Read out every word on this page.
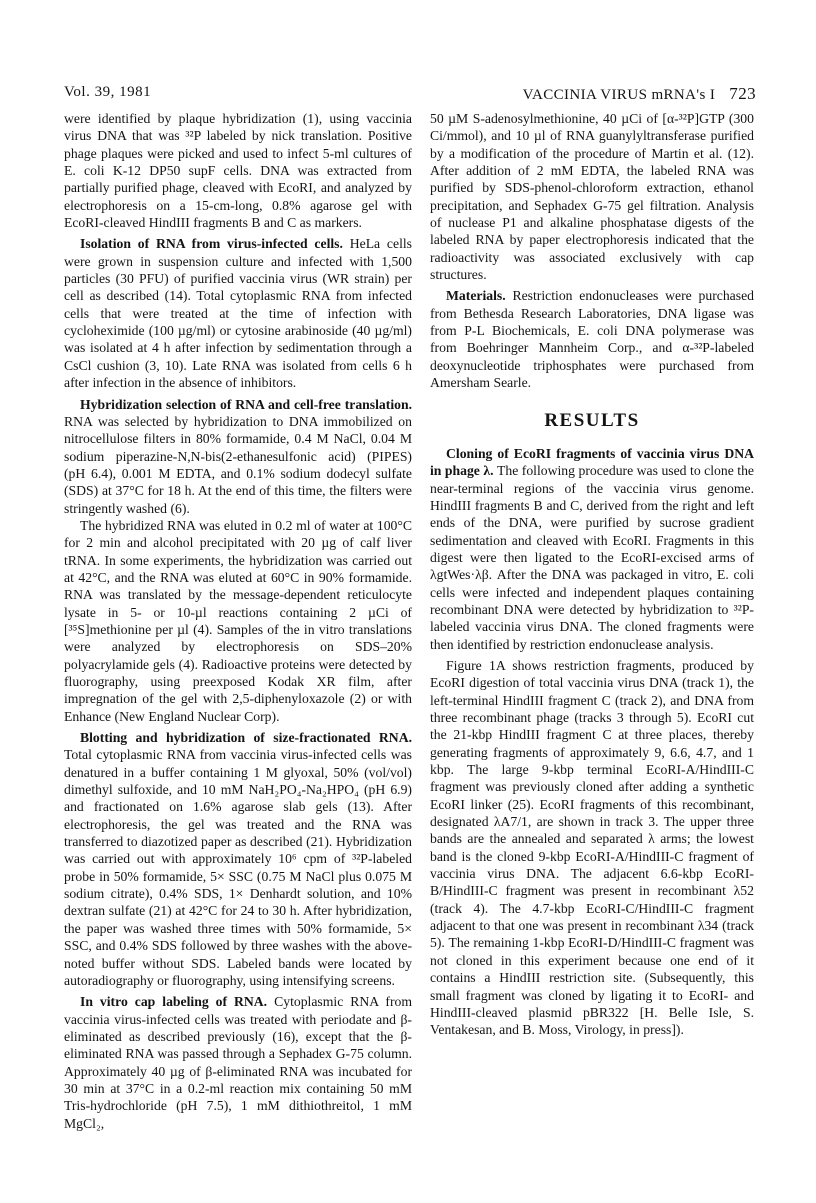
Vol. 39, 1981	VACCINIA VIRUS mRNA's I 723

were identified by plaque hybridization (1), using vaccinia virus DNA that was ³²P labeled by nick translation. Positive phage plaques were picked and used to infect 5-ml cultures of E. coli K-12 DP50 supF cells. DNA was extracted from partially purified phage, cleaved with EcoRI, and analyzed by electrophoresis on a 15-cm-long, 0.8% agarose gel with EcoRI-cleaved HindIII fragments B and C as markers.

Isolation of RNA from virus-infected cells. HeLa cells were grown in suspension culture and infected with 1,500 particles (30 PFU) of purified vaccinia virus (WR strain) per cell as described (14). Total cytoplasmic RNA from infected cells that were treated at the time of infection with cycloheximide (100 µg/ml) or cytosine arabinoside (40 µg/ml) was isolated at 4 h after infection by sedimentation through a CsCl cushion (3, 10). Late RNA was isolated from cells 6 h after infection in the absence of inhibitors.

Hybridization selection of RNA and cell-free translation. RNA was selected by hybridization to DNA immobilized on nitrocellulose filters in 80% formamide, 0.4 M NaCl, 0.04 M sodium piperazine-N,N-bis(2-ethanesulfonic acid) (PIPES) (pH 6.4), 0.001 M EDTA, and 0.1% sodium dodecyl sulfate (SDS) at 37°C for 18 h. At the end of this time, the filters were stringently washed (6).

The hybridized RNA was eluted in 0.2 ml of water at 100°C for 2 min and alcohol precipitated with 20 µg of calf liver tRNA. In some experiments, the hybridization was carried out at 42°C, and the RNA was eluted at 60°C in 90% formamide. RNA was translated by the message-dependent reticulocyte lysate in 5- or 10-µl reactions containing 2 µCi of [³⁵S]methionine per µl (4). Samples of the in vitro translations were analyzed by electrophoresis on SDS–20% polyacrylamide gels (4). Radioactive proteins were detected by fluorography, using preexposed Kodak XR film, after impregnation of the gel with 2,5-diphenyloxazole (2) or with Enhance (New England Nuclear Corp).

Blotting and hybridization of size-fractionated RNA. Total cytoplasmic RNA from vaccinia virus-infected cells was denatured in a buffer containing 1 M glyoxal, 50% (vol/vol) dimethyl sulfoxide, and 10 mM NaH₂PO₄-Na₂HPO₄ (pH 6.9) and fractionated on 1.6% agarose slab gels (13). After electrophoresis, the gel was treated and the RNA was transferred to diazotized paper as described (21). Hybridization was carried out with approximately 10⁶ cpm of ³²P-labeled probe in 50% formamide, 5× SSC (0.75 M NaCl plus 0.075 M sodium citrate), 0.4% SDS, 1× Denhardt solution, and 10% dextran sulfate (21) at 42°C for 24 to 30 h. After hybridization, the paper was washed three times with 50% formamide, 5× SSC, and 0.4% SDS followed by three washes with the above-noted buffer without SDS. Labeled bands were located by autoradiography or fluorography, using intensifying screens.

In vitro cap labeling of RNA. Cytoplasmic RNA from vaccinia virus-infected cells was treated with periodate and β-eliminated as described previously (16), except that the β-eliminated RNA was passed through a Sephadex G-75 column. Approximately 40 µg of β-eliminated RNA was incubated for 30 min at 37°C in a 0.2-ml reaction mix containing 50 mM Tris-hydrochloride (pH 7.5), 1 mM dithiothreitol, 1 mM MgCl₂,

50 µM S-adenosylmethionine, 40 µCi of [α-³²P]GTP (300 Ci/mmol), and 10 µl of RNA guanylyltransferase purified by a modification of the procedure of Martin et al. (12). After addition of 2 mM EDTA, the labeled RNA was purified by SDS-phenol-chloroform extraction, ethanol precipitation, and Sephadex G-75 gel filtration. Analysis of nuclease P1 and alkaline phosphatase digests of the labeled RNA by paper electrophoresis indicated that the radioactivity was associated exclusively with cap structures.

Materials. Restriction endonucleases were purchased from Bethesda Research Laboratories, DNA ligase was from P-L Biochemicals, E. coli DNA polymerase was from Boehringer Mannheim Corp., and α-³²P-labeled deoxynucleotide triphosphates were purchased from Amersham Searle.

RESULTS

Cloning of EcoRI fragments of vaccinia virus DNA in phage λ. The following procedure was used to clone the near-terminal regions of the vaccinia virus genome. HindIII fragments B and C, derived from the right and left ends of the DNA, were purified by sucrose gradient sedimentation and cleaved with EcoRI. Fragments in this digest were then ligated to the EcoRI-excised arms of λgtWes·λβ. After the DNA was packaged in vitro, E. coli cells were infected and independent plaques containing recombinant DNA were detected by hybridization to ³²P-labeled vaccinia virus DNA. The cloned fragments were then identified by restriction endonuclease analysis.

Figure 1A shows restriction fragments, produced by EcoRI digestion of total vaccinia virus DNA (track 1), the left-terminal HindIII fragment C (track 2), and DNA from three recombinant phage (tracks 3 through 5). EcoRI cut the 21-kbp HindIII fragment C at three places, thereby generating fragments of approximately 9, 6.6, 4.7, and 1 kbp. The large 9-kbp terminal EcoRI-A/HindIII-C fragment was previously cloned after adding a synthetic EcoRI linker (25). EcoRI fragments of this recombinant, designated λA7/1, are shown in track 3. The upper three bands are the annealed and separated λ arms; the lowest band is the cloned 9-kbp EcoRI-A/HindIII-C fragment of vaccinia virus DNA. The adjacent 6.6-kbp EcoRI-B/HindIII-C fragment was present in recombinant λ52 (track 4). The 4.7-kbp EcoRI-C/HindIII-C fragment adjacent to that one was present in recombinant λ34 (track 5). The remaining 1-kbp EcoRI-D/HindIII-C fragment was not cloned in this experiment because one end of it contains a HindIII restriction site. (Subsequently, this small fragment was cloned by ligating it to EcoRI- and HindIII-cleaved plasmid pBR322 [H. Belle Isle, S. Ventakesan, and B. Moss, Virology, in press]).
